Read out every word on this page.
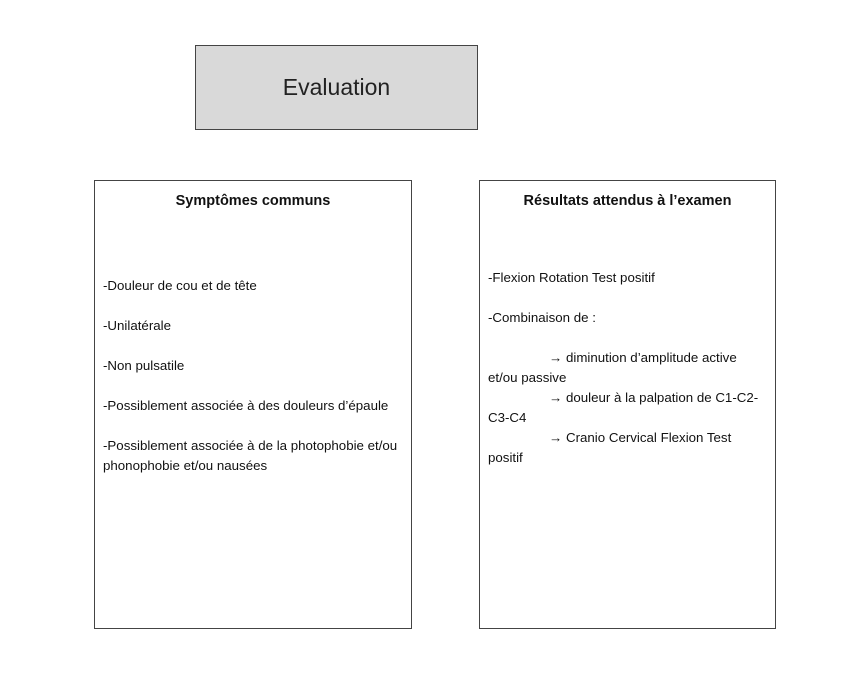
Evaluation
Symptômes communs
-Douleur de cou et de tête
-Unilatérale
-Non pulsatile
-Possiblement associée à des douleurs d’épaule
-Possiblement associée à de la photophobie et/ou phonophobie et/ou nausées
Résultats attendus à l’examen
-Flexion Rotation Test positif
-Combinaison de :
→ diminution d’amplitude active et/ou passive
→ douleur à la palpation de C1-C2-C3-C4
→ Cranio Cervical Flexion Test positif
